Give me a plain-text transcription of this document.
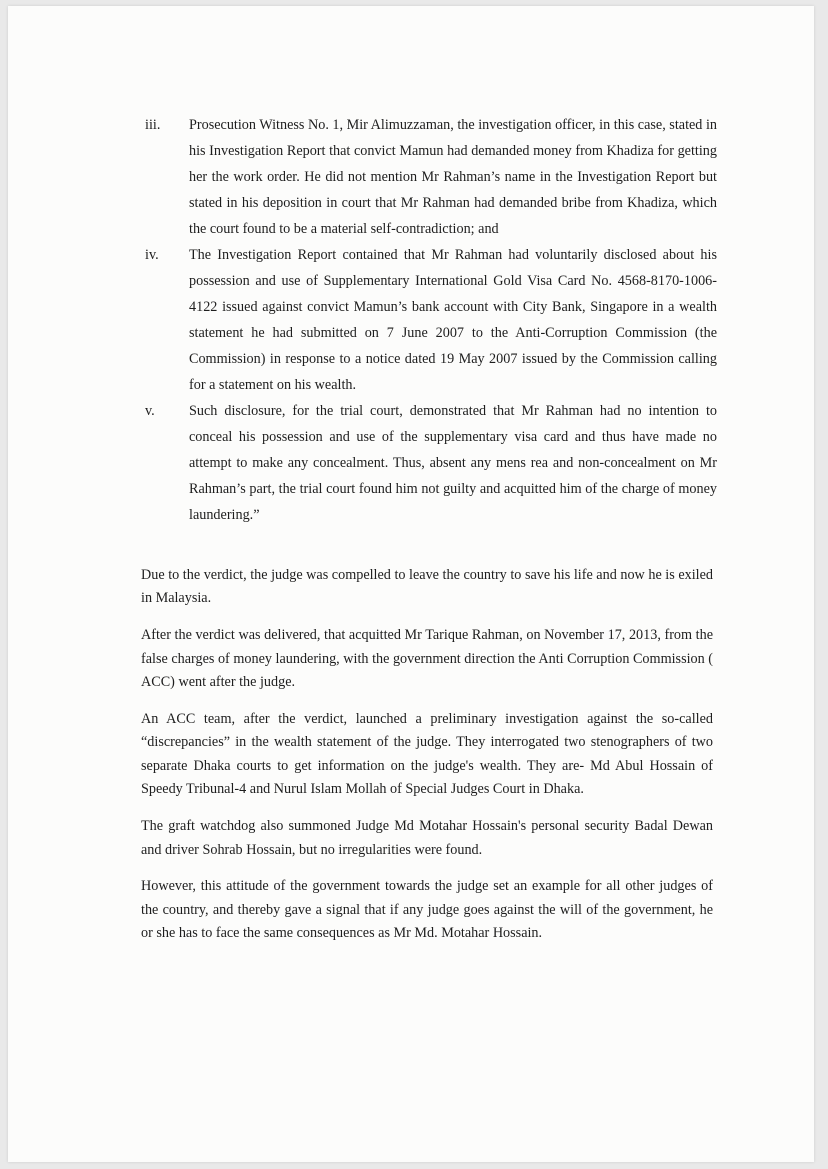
iii. Prosecution Witness No. 1, Mir Alimuzzaman, the investigation officer, in this case, stated in his Investigation Report that convict Mamun had demanded money from Khadiza for getting her the work order. He did not mention Mr Rahman’s name in the Investigation Report but stated in his deposition in court that Mr Rahman had demanded bribe from Khadiza, which the court found to be a material self-contradiction; and
iv. The Investigation Report contained that Mr Rahman had voluntarily disclosed about his possession and use of Supplementary International Gold Visa Card No. 4568-8170-1006-4122 issued against convict Mamun’s bank account with City Bank, Singapore in a wealth statement he had submitted on 7 June 2007 to the Anti-Corruption Commission (the Commission) in response to a notice dated 19 May 2007 issued by the Commission calling for a statement on his wealth.
v. Such disclosure, for the trial court, demonstrated that Mr Rahman had no intention to conceal his possession and use of the supplementary visa card and thus have made no attempt to make any concealment. Thus, absent any mens rea and non-concealment on Mr Rahman’s part, the trial court found him not guilty and acquitted him of the charge of money laundering.”

Due to the verdict, the judge was compelled to leave the country to save his life and now he is exiled in Malaysia.

After the verdict was delivered, that acquitted Mr Tarique Rahman, on November 17, 2013, from the false charges of money laundering, with the government direction the Anti Corruption Commission ( ACC) went after the judge.

An ACC team, after the verdict, launched a preliminary investigation against the so-called “discrepancies” in the wealth statement of the judge. They interrogated two stenographers of two separate Dhaka courts to get information on the judge's wealth. They are- Md Abul Hossain of Speedy Tribunal-4 and Nurul Islam Mollah of Special Judges Court in Dhaka.

The graft watchdog also summoned Judge Md Motahar Hossain's personal security Badal Dewan and driver Sohrab Hossain, but no irregularities were found.

However, this attitude of the government towards the judge set an example for all other judges of the country, and thereby gave a signal that if any judge goes against the will of the government, he or she has to face the same consequences as Mr Md. Motahar Hossain.
